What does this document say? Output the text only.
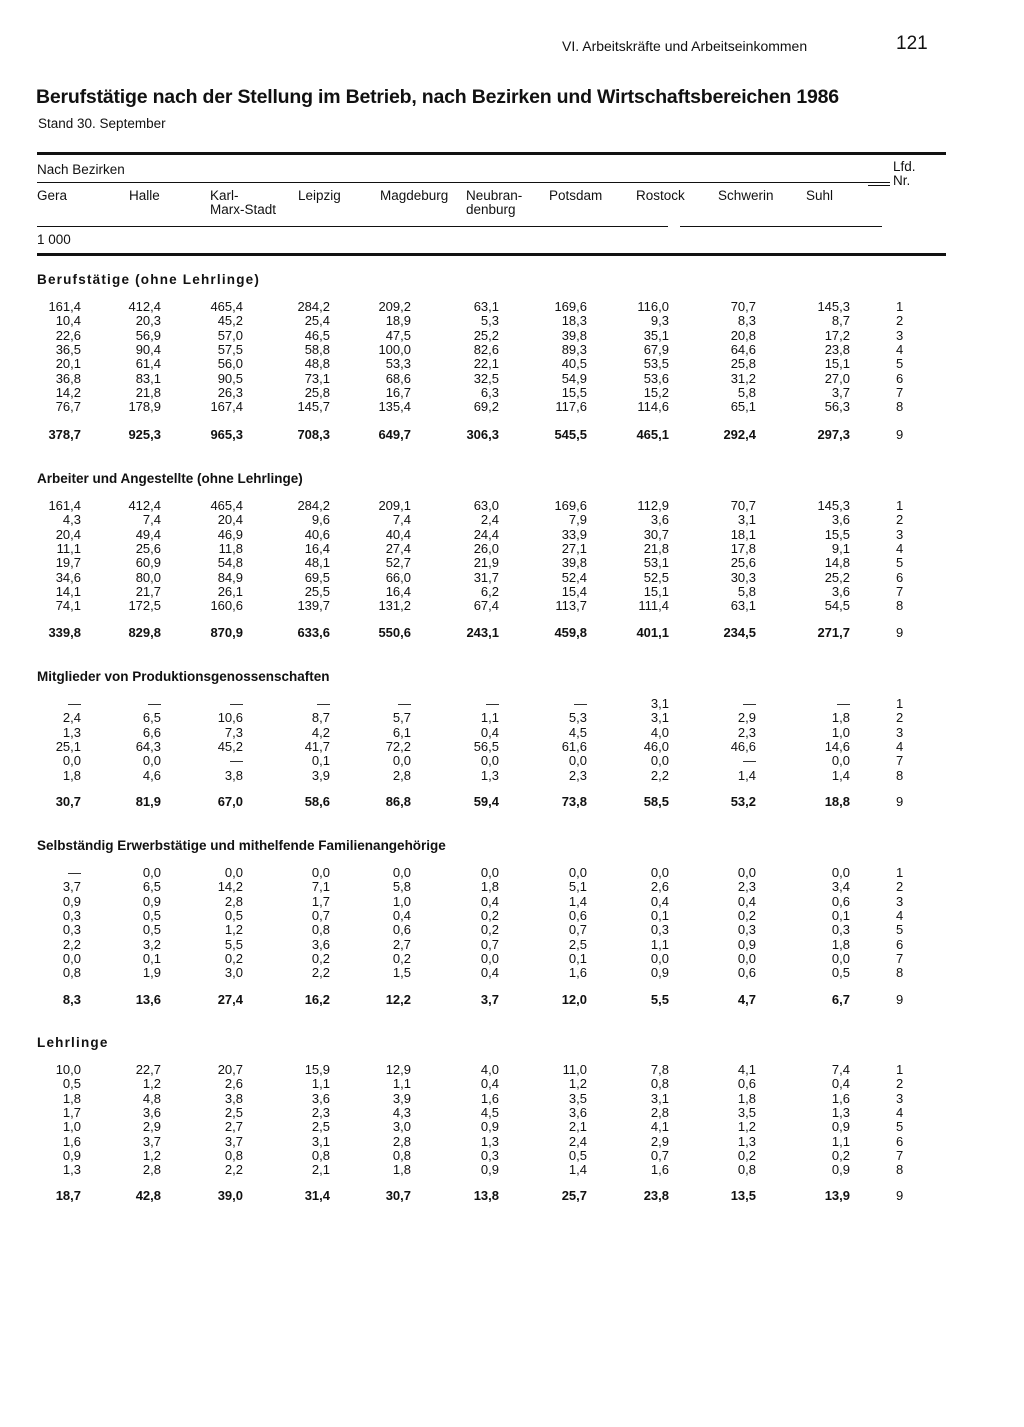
VI. Arbeitskräfte und Arbeitseinkommen	121
Berufstätige nach der Stellung im Betrieb, nach Bezirken und Wirtschaftsbereichen 1986
Stand 30. September
Nach Bezirken	Lfd.
Nr.
1 000
Gera	Halle	Karl-
Marx-Stadt
Leipzig	Magdeburg Neubran-
denburg
Potsdam Rostock Schwerin Suhl
Berufstätige (ohne Lehrlinge)
161,4	412,4	465,4	284,2	209,2	63,1	169,6	116,0	70,7	145,3	1
10,4	20,3	45,2	25,4	18,9	5,3	18,3	9,3	8,3	8,7	2
22,6	56,9	57,0	46,5	47,5	25,2	39,8	35,1	20,8	17,2	3
36,5	90,4	57,5	58,8	100,0	82,6	89,3	67,9	64,6	23,8	4
20,1	61,4	56,0	48,8	53,3	22,1	40,5	53,5	25,8	15,1	5
36,8	83,1	90,5	73,1	68,6	32,5	54,9	53,6	31,2	27,0	6
14,2	21,8	26,3	25,8	16,7	6,3	15,5	15,2	5,8	3,7	7
76,7	178,9	167,4	145,7	135,4	69,2	117,6	114,6	65,1	56,3	8
378,7	925,3	965,3	708,3	649,7	306,3	545,5	465,1	292,4	297,3	9
Arbeiter und Angestellte (ohne Lehrlinge)
161,4	412,4	465,4	284,2	209,1	63,0	169,6	112,9	70,7	145,3	1
4,3	7,4	20,4	9,6	7,4	2,4	7,9	3,6	3,1	3,6	2
20,4	49,4	46,9	40,6	40,4	24,4	33,9	30,7	18,1	15,5	3
11,1	25,6	11,8	16,4	27,4	26,0	27,1	21,8	17,8	9,1	4
19,7	60,9	54,8	48,1	52,7	21,9	39,8	53,1	25,6	14,8	5
34,6	80,0	84,9	69,5	66,0	31,7	52,4	52,5	30,3	25,2	6
14,1	21,7	26,1	25,5	16,4	6,2	15,4	15,1	5,8	3,6	7
74,1	172,5	160,6	139,7	131,2	67,4	113,7	111,4	63,1	54,5	8
339,8	829,8	870,9	633,6	550,6	243,1	459,8	401,1	234,5	271,7	9
Mitglieder von Produktionsgenossenschaften
—	—	—	—	—	—	—	3,1	—	—	1
2,4	6,5	10,6	8,7	5,7	1,1	5,3	3,1	2,9	1,8	2
1,3	6,6	7,3	4,2	6,1	0,4	4,5	4,0	2,3	1,0	3
25,1	64,3	45,2	41,7	72,2	56,5	61,6	46,0	46,6	14,6	4
0,0	0,0	—	0,1	0,0	0,0	0,0	0,0	—	0,0	7
1,8	4,6	3,8	3,9	2,8	1,3	2,3	2,2	1,4	1,4	8
30,7	81,9	67,0	58,6	86,8	59,4	73,8	58,5	53,2	18,8	9
Selbständig Erwerbstätige und mithelfende Familienangehörige
—	0,0	0,0	0,0	0,0	0,0	0,0	0,0	0,0	0,0	1
3,7	6,5	14,2	7,1	5,8	1,8	5,1	2,6	2,3	3,4	2
0,9	0,9	2,8	1,7	1,0	0,4	1,4	0,4	0,4	0,6	3
0,3	0,5	0,5	0,7	0,4	0,2	0,6	0,1	0,2	0,1	4
0,3	0,5	1,2	0,8	0,6	0,2	0,7	0,3	0,3	0,3	5
2,2	3,2	5,5	3,6	2,7	0,7	2,5	1,1	0,9	1,8	6
0,0	0,1	0,2	0,2	0,2	0,0	0,1	0,0	0,0	0,0	7
0,8	1,9	3,0	2,2	1,5	0,4	1,6	0,9	0,6	0,5	8
8,3	13,6	27,4	16,2	12,2	3,7	12,0	5,5	4,7	6,7	9
Lehrlinge
10,0	22,7	20,7	15,9	12,9	4,0	11,0	7,8	4,1	7,4	1
0,5	1,2	2,6	1,1	1,1	0,4	1,2	0,8	0,6	0,4	2
1,8	4,8	3,8	3,6	3,9	1,6	3,5	3,1	1,8	1,6	3
1,7	3,6	2,5	2,3	4,3	4,5	3,6	2,8	3,5	1,3	4
1,0	2,9	2,7	2,5	3,0	0,9	2,1	4,1	1,2	0,9	5
1,6	3,7	3,7	3,1	2,8	1,3	2,4	2,9	1,3	1,1	6
0,9	1,2	0,8	0,8	0,8	0,3	0,5	0,7	0,2	0,2	7
1,3	2,8	2,2	2,1	1,8	0,9	1,4	1,6	0,8	0,9	8
18,7	42,8	39,0	31,4	30,7	13,8	25,7	23,8	13,5	13,9	9
